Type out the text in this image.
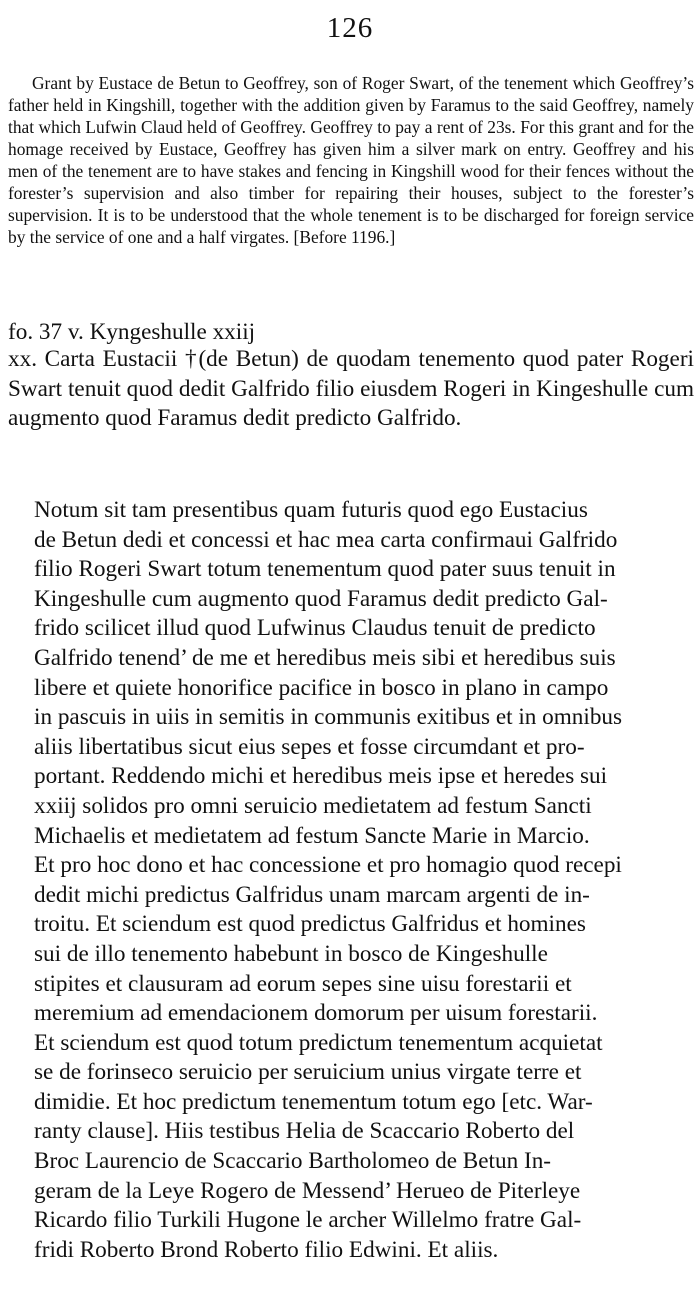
126

Grant by Eustace de Betun to Geoffrey, son of Roger Swart, of the tenement which Geoffrey’s father held in Kingshill, together with the addition given by Faramus to the said Geoffrey, namely that which Lufwin Claud held of Geoffrey. Geoffrey to pay a rent of 23s. For this grant and for the homage received by Eustace, Geoffrey has given him a silver mark on entry. Geoffrey and his men of the tenement are to have stakes and fencing in Kingshill wood for their fences without the forester’s supervision and also timber for repairing their houses, subject to the forester’s supervision. It is to be understood that the whole tenement is to be discharged for foreign service by the service of one and a half virgates. [Before 1196.]

fo. 37 v. Kyngeshulle xxiij
xx. Carta Eustacii †(de Betun) de quodam tenemento quod pater Rogeri Swart tenuit quod dedit Galfrido filio eiusdem Rogeri in Kingeshulle cum augmento quod Faramus dedit predicto Galfrido.

Notum sit tam presentibus quam futuris quod ego Eustacius
de Betun dedi et concessi et hac mea carta confirmaui Galfrido
filio Rogeri Swart totum tenementum quod pater suus tenuit in
Kingeshulle cum augmento quod Faramus dedit predicto Gal-
frido scilicet illud quod Lufwinus Claudus tenuit de predicto
Galfrido tenend’ de me et heredibus meis sibi et heredibus suis
libere et quiete honorifice pacifice in bosco in plano in campo
in pascuis in uiis in semitis in communis exitibus et in omnibus
aliis libertatibus sicut eius sepes et fosse circumdant et pro-
portant. Reddendo michi et heredibus meis ipse et heredes sui
xxiij solidos pro omni seruicio medietatem ad festum Sancti
Michaelis et medietatem ad festum Sancte Marie in Marcio.
Et pro hoc dono et hac concessione et pro homagio quod recepi
dedit michi predictus Galfridus unam marcam argenti de in-
troitu. Et sciendum est quod predictus Galfridus et homines
sui de illo tenemento habebunt in bosco de Kingeshulle
stipites et clausuram ad eorum sepes sine uisu forestarii et
meremium ad emendacionem domorum per uisum forestarii.
Et sciendum est quod totum predictum tenementum acquietat
se de forinseco seruicio per seruicium unius virgate terre et
dimidie. Et hoc predictum tenementum totum ego [etc. War-
ranty clause]. Hiis testibus Helia de Scaccario Roberto del
Broc Laurencio de Scaccario Bartholomeo de Betun In-
geram de la Leye Rogero de Messend’ Herueo de Piterleye
Ricardo filio Turkili Hugone le archer Willelmo fratre Gal-
fridi Roberto Brond Roberto filio Edwini. Et aliis.
